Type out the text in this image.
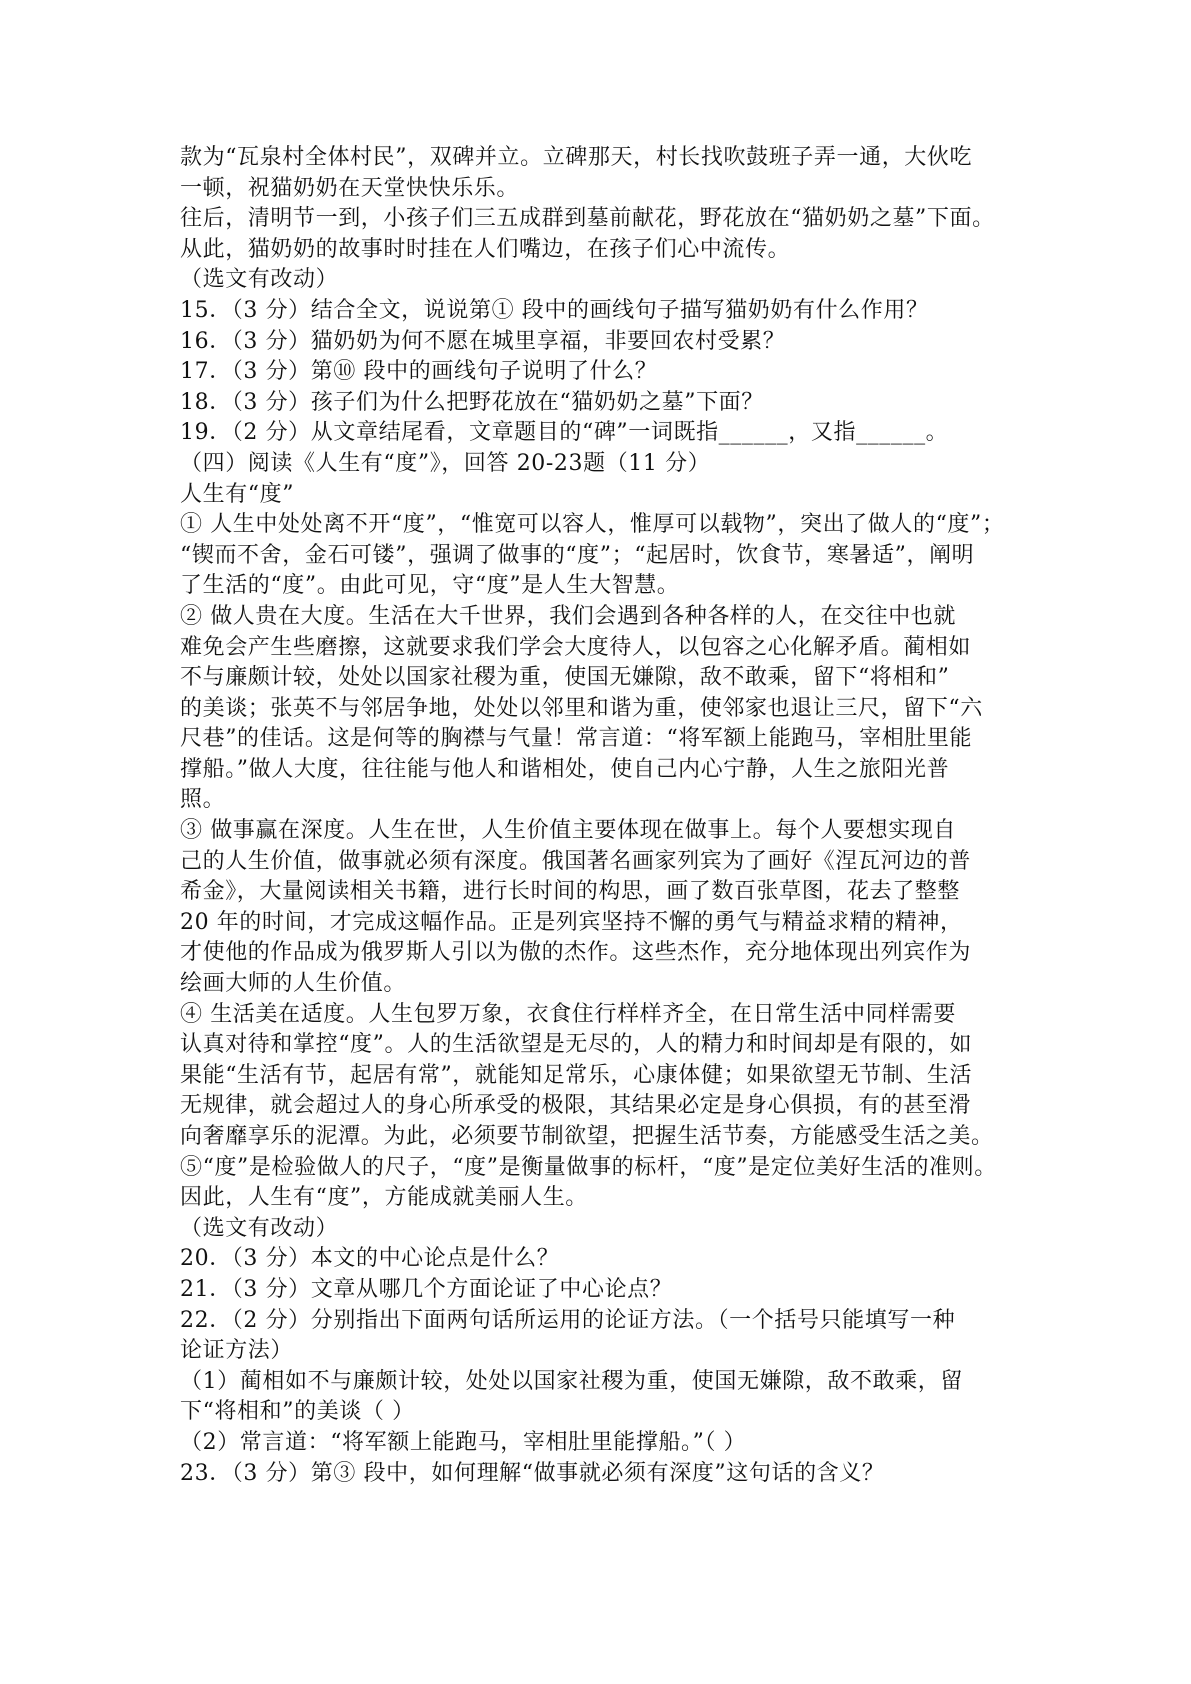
款为“瓦泉村全体村民”，双碑并立。立碑那天，村长找吹鼓班子弄一通，大伙吃
一顿，祝猫奶奶在天堂快快乐乐。
往后，清明节一到，小孩子们三五成群到墓前献花，野花放在“猫奶奶之墓”下面。
从此，猫奶奶的故事时时挂在人们嘴边，在孩子们心中流传。
（选文有改动）
15．（3 分）结合全文，说说第① 段中的画线句子描写猫奶奶有什么作用？
16．（3 分）猫奶奶为何不愿在城里享福，非要回农村受累？
17．（3 分）第⑩ 段中的画线句子说明了什么？
18．（3 分）孩子们为什么把野花放在“猫奶奶之墓”下面？
19．（2 分）从文章结尾看，文章题目的“碑”一词既指______，又指______。
（四）阅读《人生有“度”》，回答 20-23题（11 分）
人生有“度”
① 人生中处处离不开“度”，“惟宽可以容人，惟厚可以载物”，突出了做人的“度”；
“锲而不舍，金石可镂”，强调了做事的“度”；“起居时，饮食节，寒暑适”，阐明
了生活的“度”。由此可见，守“度”是人生大智慧。
② 做人贵在大度。生活在大千世界，我们会遇到各种各样的人，在交往中也就
难免会产生些磨擦，这就要求我们学会大度待人，以包容之心化解矛盾。蔺相如
不与廉颇计较，处处以国家社稷为重，使国无嫌隙，敌不敢乘，留下“将相和”
的美谈；张英不与邻居争地，处处以邻里和谐为重，使邻家也退让三尺，留下“六
尺巷”的佳话。这是何等的胸襟与气量！常言道：“将军额上能跑马，宰相肚里能
撑船。”做人大度，往往能与他人和谐相处，使自己内心宁静，人生之旅阳光普
照。
③ 做事赢在深度。人生在世，人生价值主要体现在做事上。每个人要想实现自
己的人生价值，做事就必须有深度。俄国著名画家列宾为了画好《涅瓦河边的普
希金》，大量阅读相关书籍，进行长时间的构思，画了数百张草图，花去了整整
20 年的时间，才完成这幅作品。正是列宾坚持不懈的勇气与精益求精的精神，
才使他的作品成为俄罗斯人引以为傲的杰作。这些杰作，充分地体现出列宾作为
绘画大师的人生价值。
④ 生活美在适度。人生包罗万象，衣食住行样样齐全，在日常生活中同样需要
认真对待和掌控“度”。人的生活欲望是无尽的，人的精力和时间却是有限的，如
果能“生活有节，起居有常”，就能知足常乐，心康体健；如果欲望无节制、生活
无规律，就会超过人的身心所承受的极限，其结果必定是身心俱损，有的甚至滑
向奢靡享乐的泥潭。为此，必须要节制欲望，把握生活节奏，方能感受生活之美。
⑤“度”是检验做人的尺子，“度”是衡量做事的标杆，“度”是定位美好生活的准则。
因此，人生有“度”，方能成就美丽人生。
（选文有改动）
20．（3 分）本文的中心论点是什么？
21．（3 分）文章从哪几个方面论证了中心论点？
22．（2 分）分别指出下面两句话所运用的论证方法。（一个括号只能填写一种
论证方法）
（1）蔺相如不与廉颇计较，处处以国家社稷为重，使国无嫌隙，敌不敢乘，留
下“将相和”的美谈（ ）
（2）常言道：“将军额上能跑马，宰相肚里能撑船。”（ ）
23．（3 分）第③ 段中，如何理解“做事就必须有深度”这句话的含义？
